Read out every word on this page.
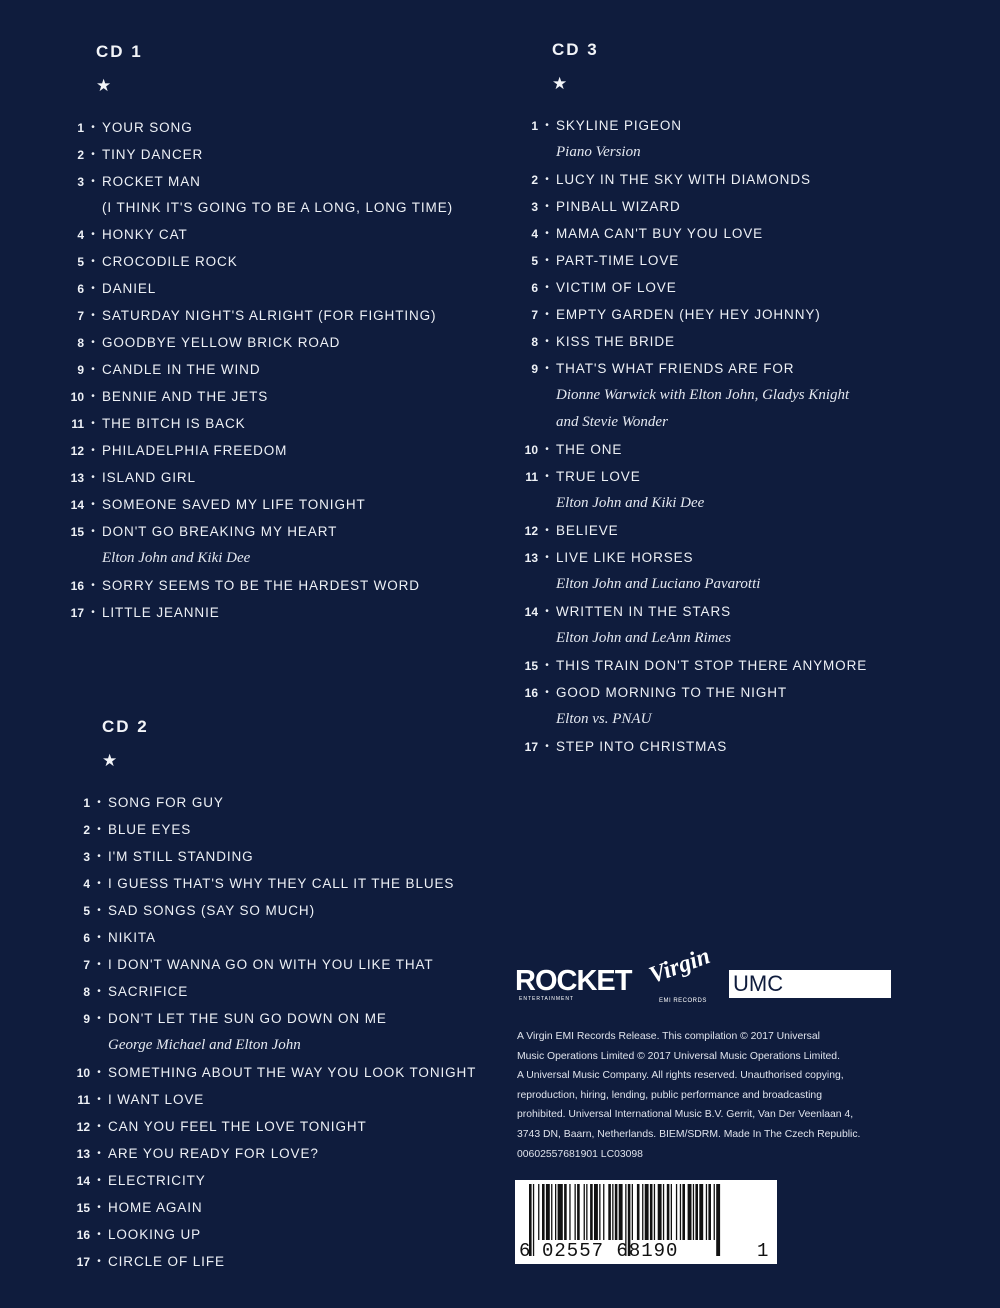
CD 1
★
1 • YOUR SONG
2 • TINY DANCER
3 • ROCKET MAN
(I THINK IT'S GOING TO BE A LONG, LONG TIME)
4 • HONKY CAT
5 • CROCODILE ROCK
6 • DANIEL
7 • SATURDAY NIGHT'S ALRIGHT (FOR FIGHTING)
8 • GOODBYE YELLOW BRICK ROAD
9 • CANDLE IN THE WIND
10 • BENNIE AND THE JETS
11 • THE BITCH IS BACK
12 • PHILADELPHIA FREEDOM
13 • ISLAND GIRL
14 • SOMEONE SAVED MY LIFE TONIGHT
15 • DON'T GO BREAKING MY HEART
Elton John and Kiki Dee
16 • SORRY SEEMS TO BE THE HARDEST WORD
17 • LITTLE JEANNIE
CD 2
★
1 • SONG FOR GUY
2 • BLUE EYES
3 • I'M STILL STANDING
4 • I GUESS THAT'S WHY THEY CALL IT THE BLUES
5 • SAD SONGS (SAY SO MUCH)
6 • NIKITA
7 • I DON'T WANNA GO ON WITH YOU LIKE THAT
8 • SACRIFICE
9 • DON'T LET THE SUN GO DOWN ON ME
George Michael and Elton John
10 • SOMETHING ABOUT THE WAY YOU LOOK TONIGHT
11 • I WANT LOVE
12 • CAN YOU FEEL THE LOVE TONIGHT
13 • ARE YOU READY FOR LOVE?
14 • ELECTRICITY
15 • HOME AGAIN
16 • LOOKING UP
17 • CIRCLE OF LIFE
CD 3
★
1 • SKYLINE PIGEON
Piano Version
2 • LUCY IN THE SKY WITH DIAMONDS
3 • PINBALL WIZARD
4 • MAMA CAN'T BUY YOU LOVE
5 • PART-TIME LOVE
6 • VICTIM OF LOVE
7 • EMPTY GARDEN (HEY HEY JOHNNY)
8 • KISS THE BRIDE
9 • THAT'S WHAT FRIENDS ARE FOR
Dionne Warwick with Elton John, Gladys Knight
and Stevie Wonder
10 • THE ONE
11 • TRUE LOVE
Elton John and Kiki Dee
12 • BELIEVE
13 • LIVE LIKE HORSES
Elton John and Luciano Pavarotti
14 • WRITTEN IN THE STARS
Elton John and LeAnn Rimes
15 • THIS TRAIN DON'T STOP THERE ANYMORE
16 • GOOD MORNING TO THE NIGHT
Elton vs. PNAU
17 • STEP INTO CHRISTMAS
ROCKET
ENTERTAINMENT
Virgin
EMI RECORDS
UMC

A Virgin EMI Records Release. This compilation © 2017 Universal
Music Operations Limited © 2017 Universal Music Operations Limited.
A Universal Music Company. All rights reserved. Unauthorised copying,
reproduction, hiring, lending, public performance and broadcasting
prohibited. Universal International Music B.V. Gerrit, Van Der Veenlaan 4,
3743 DN, Baarn, Netherlands. BIEM/SDRM. Made In The Czech Republic.
00602557681901 LC03098

6 02557 68190	1
